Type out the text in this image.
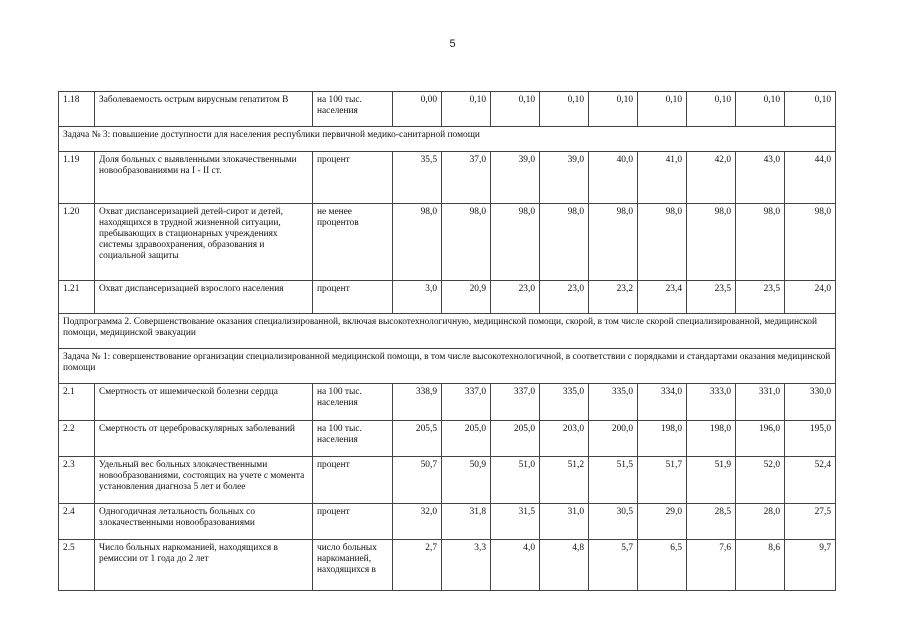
5
1.18	Заболеваемость острым вирусным гепатитом В	на 100 тыс. населения	0,00	0,10	0,10	0,10	0,10	0,10	0,10	0,10	0,10
Задача № 3: повышение доступности для населения республики первичной медико-санитарной помощи											
1.19	Доля больных с выявленными злокачественными новообразованиями на I - II ст.	процент	35,5	37,0	39,0	39,0	40,0	41,0	42,0	43,0	44,0
1.20	Охват диспансеризацией детей-сирот и детей, находящихся в трудной жизненной ситуации, пребывающих в стационарных учреждениях системы здравоохранения, образования и социальной защиты	не менее процентов	98,0	98,0	98,0	98,0	98,0	98,0	98,0	98,0	98,0
1.21	Охват диспансеризацией взрослого населения	процент	3,0	20,9	23,0	23,0	23,2	23,4	23,5	23,5	24,0
Подпрограмма 2. Совершенствование оказания специализированной, включая высокотехнологичную, медицинской помощи, скорой, в том числе скорой специализированной, медицинской помощи, медицинской эвакуации											
Задача № 1: совершенствование организации специализированной медицинской помощи, в том числе высокотехнологичной, в соответствии с порядками и стандартами оказания медицинской помощи											
2.1	Смертность от ишемической болезни сердца	на 100 тыс. населения	338,9	337,0	337,0	335,0	335,0	334,0	333,0	331,0	330,0
2.2	Смертность от цереброваскулярных заболеваний	на 100 тыс. населения	205,5	205,0	205,0	203,0	200,0	198,0	198,0	196,0	195,0
2.3	Удельный вес больных злокачественными новообразованиями, состоящих на учете с момента установления диагноза 5 лет и более	процент	50,7	50,9	51,0	51,2	51,5	51,7	51,9	52,0	52,4
2.4	Одногодичная летальность больных со злокачественными новообразованиями	процент	32,0	31,8	31,5	31,0	30,5	29,0	28,5	28,0	27,5
2.5	Число больных наркоманией, находящихся в ремиссии от 1 года до 2 лет	число больных наркоманией, находящихся в	2,7	3,3	4,0	4,8	5,7	6,5	7,6	8,6	9,7
